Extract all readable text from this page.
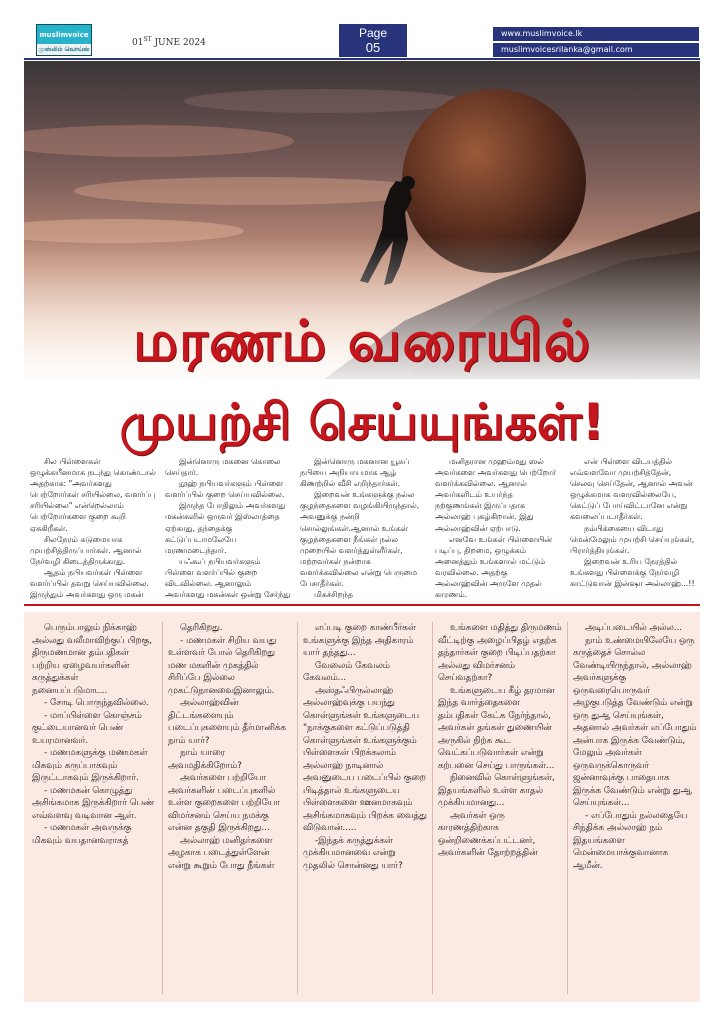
muslimvoice
முஸ்லிம் வொய்ஸ்
01ST JUNE 2024
Page
05
www.muslimvoice.lk
muslimvoicesrilanka@gmail.com
மரணம் வரையில்
முயற்சி செய்யுங்கள்!

சில பிள்ளைகள் ஒழுக்கயீனமாக நடந்து கொண்டால் அதற்காக: "அவர்களது பெற்றோர்கள் சரியில்லை, வளர்ப்பு சரியில்லை" என்றெல்லாம் பெற்றோர்களை குறை கூறி ஏசுகிறீகள்.

சிலநேரம் சுடுமையாக முயற்சித்திருப்பார்கள். ஆனால் நேர்வழி கிடைத்திருக்காது.

ஆதம் நபியவர்கள் பிள்ளை வளர்ப்பில் தவறு செய்யவில்லை. இருந்தும் அவர்களது ஒரு மகன்

இன்னொரு மகனை கொலை செய்தார்.

நூஹ் நபியவர்களும் பிள்ளை வளர்ப்பில் குறை செய்யவில்லை.

இருந்த போதிலும் அவர்களது மகன்களில் ஒருவர் இஸ்லாத்தை ஏற்காது, தந்தைக்கு கட்டுப்படாமலேயே மரணமடைந்தார்.

யஃகூப் நபியவர்களும் பிள்ளை வளர்ப்பில் குறை விடவில்லை. ஆனாலும் அவர்களது மகன்கள் ஒன்று சேர்ந்து

இன்னொரு மகனான யூசுப் நபியை அநியாயமாக ஆழ் கிணற்றில் வீசி எறிந்தார்கள்.

இறைவன் உங்களுக்கு நல்ல குழந்தைகளை வழங்கியிருந்தால், அவனுக்கு நன்றி சொல்லுங்கள்.ஆனால் உங்கள் குழந்தைகளை நீங்கள் நல்ல முறையில் வளர்த்துள்ளீர்கள், மற்றவர்கள் நன்றாக வளர்க்கவில்லை என்று பெருமை பேசாதீர்கள்.

மிகச்சிறந்த

மனிதரான முஹம்மது ஸல் அவர்களை அவர்களது பெற்றோர் வளர்க்கவில்லை. ஆனால் அவர்களிடம் உயர்ந்த நற்குணங்கள் இருப்பதாக அல்லாஹ் புகழ்கிறான். இது அல்லாஹ்வின் ஏற்பாடு.

எனவே உங்கள் பிள்ளையின் படிப்பு, திறமை, ஒழுக்கம் அனைத்தும் உங்களால் மட்டும் வரவில்லை. அதற்கு அல்லாஹ்வின் அருளே முதல் காரணம்.

என் பிள்ளை விடயத்தில் எவ்வளவோ முயற்சித்தேன், செலவு செய்தேன், ஆனால் அவன் ஒழுக்கமாக வளரவில்லையே, கெட்டுப் போய்விட்டானே என்று கவலைப்படாதீர்கள்.

நம்பிக்கையை விடாது மென்மேலும் முயற்சி செய்யுங்கள், பிரார்த்தியுங்கள்.

இறைவன் உரிய நேரத்தில் உங்களது பிள்ளைக்கு நேர்வழி காட்டுவான் இன்ஷா அல்லாஹ்...!!

பெரும்பாலும் நிக்காஹ் அல்லது வலீமாவிற்குப் பிறகு, திருமணமான தம்பதிகள் பற்றிய ஏழைவயர்களின் கருத்துக்கள் நனையப்படுமாட..

- சோடி பொருந்தவில்லை.

- மாப்பிள்ளை கொஞ்சம் குட்டையானவர் பெண் உயரமானவர்.

- மணமகளுக்கு மணமகள் மிகவும் கருப்பாகவும் இருட்டாகவும் இருக்கிறார்.

- மணமகன் கொழுத்து அசிங்கமாக இருக்கிறார் பெண் எவ்வளவு வடிவான ஆள்.

- மணமகள் அவருக்கு மிகவும் வயதானவராகத்

தெரிகிறது.

- மணமகள் சிறிய வயது உள்ளவர் போல் தெரிகிறது மண மகளின் முகத்தில் சிரிப்பே இல்லை முகட்டுநானவைஇனாலும்.

அல்லாஹ்வின் திட்டங்களையும் படைப்புகளையும் தீர்மானிக்க நாம் யார்?

நாம் யாரை அவமதிக்கிறோம்?

அவர்களை பற்றியோ அவர்களின் படைப்புகளில் உள்ள குறைகளை பற்றியோ விமர்சனம் செய்ய நமக்கு என்ன தகுதி இருக்கிறது...

அல்லாஹ் மனிதர்களை அழகாக படைத்துள்ளேன் என்று கூறும் போது நீங்கள்

எப்படி குறை காண்பீர்கள் உங்களுக்கு இந்த அதிகாரம் யார் தந்தது...

வேலைம் கேவலம் கேவலம்...

அஸ்தஃபிருல்லாஹ் அல்லாஹ்வுக்கு பயந்து கொள்ளுங்கள் உங்களுடைய "நாக்குகளை கட்டுப்படுத்தி கொள்ளுங்கள் உங்களுக்கும் பிள்ளைகள் பிறக்கலாம் அல்லாஹ் நாடினால் அவனுடைய படைப்பில் குறை பிடித்தால் உங்களுடைய பிள்ளைகளை ஊனமாகவும் அசிங்கமாகவும் பிறக்க வைத்து விடுவான்.....

-இந்தக் கருத்துக்கள் முக்கியமானவை என்று முதலில் சொன்னது யார்?

உங்களை மதித்து திருமணம் வீட்டிற்கு அழைப்பிதழ் எதற்க தந்தார்கள் குறை பிடிப்பதற்கா அல்லது விமர்சனம் செய்வதற்கா?

உங்களுடைய கீழ் தரமான இந்த வார்த்தைகளை தம்பதிகள் கேட்க நேர்ந்தால், அவர்கள் தங்கள் துணையின் அருகில் நிற்க கூட வெட்கப்படுவார்கள் என்று கற்பனை செய்து பாருங்கள்...

நினைவில் கொள்ளுங்கள், இதயங்களில் உள்ள காதல் முக்கியமானது...

அவர்கள் ஒரு காரணத்திற்காக ஒன்றிணைக்கப்பட்டனர், அவர்களின் தோற்றத்தின்

அடிப்படையில் அல்ல...

நாம் உண்மையிலேயே ஒரு கருத்தைச் சொல்ல வேண்டியிருந்தால், அல்லாஹ் அவர்களுக்கு ஒருவரையொருவர் அழகுபடுத்த வேண்டும் என்று ஒரு துஆ செய்யுங்கள், அதனால் அவர்கள் எப்போதும் அன்பாக இருக்க வேண்டும், மேலும் அவர்கள் ஒருவருக்கொருவர் ஜன்னாவுக்கு பாதையாக இருக்க வேண்டும் என்று துஆ செய்யுங்கள்...

- எப்போதும் நல்லதையே சிந்திக்க அல்லாஹ் நம் இதயங்களை மென்மையாக்குவானாக ஆமீன்.
